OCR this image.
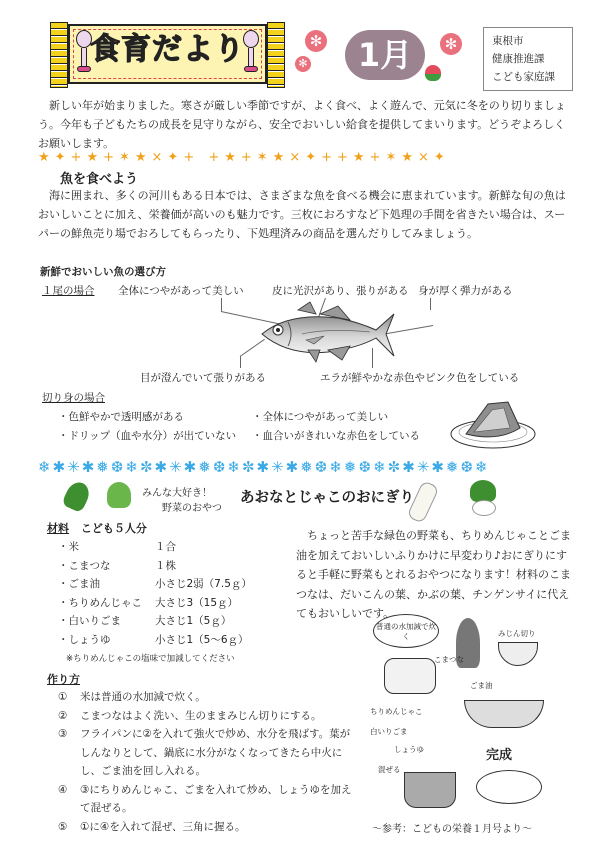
食育だより	✻
✻	1月	✻	東根市
健康推進課
こども家庭課
新しい年が始まりました。寒さが厳しい季節ですが、よく食べ、よく遊んで、元気に冬をのり切りましょう。今年も子どもたちの成長を見守りながら、安全でおいしい給食を提供してまいります。どうぞよろしくお願いします。
★✦+★+✶★×✦+ +★+✶★×✦++★+✶★×✦
魚を食べよう
海に囲まれ、多くの河川もある日本では、さまざまな魚を食べる機会に恵まれています。新鮮な旬の魚はおいしいことに加え、栄養価が高いのも魅力です。三枚におろすなど下処理の手間を省きたい場合は、スーパーの鮮魚売り場でおろしてもらったり、下処理済みの商品を選んだりしてみましょう。
新鮮でおいしい魚の選び方
１尾の場合 全体につやがあって美しい	皮に光沢があり、張りがある 身が厚く弾力がある
目が澄んでいて張りがある	エラが鮮やかな赤色やピンク色をしている
切り身の場合
・色鮮やかで透明感がある
・ドリップ（血や水分）が出ていない
・全体につやがあって美しい
・血合いがきれいな赤色をしている
❄✱✳✱❅❆❄✼✱✳✱❅❆❄✼✱✳✱❅❆❄❅❆❄✼✱✳✱❅❆❄
みんな大好き！
野菜のおやつ
あおなとじゃこのおにぎり
材料 こども５人分
・米	１合
・こまつな	１株
・ごま油	小さじ2弱（7.5ｇ）
・ちりめんじゃこ	大さじ3（15ｇ）
・白いりごま	大さじ1（5ｇ）
・しょうゆ	小さじ1（5～6ｇ）
※ちりめんじゃこの塩味で加減してください
ちょっと苦手な緑色の野菜も、ちりめんじゃことごま油を加えておいしいふりかけに早変わり♪おにぎりにすると手軽に野菜もとれるおやつになります！材料のこまつなは、だいこんの葉、かぶの葉、チンゲンサイに代えてもおいしいです。
作り方
①	米は普通の水加減で炊く。
②	こまつなはよく洗い、生のままみじん切りにする。
③	フライパンに②を入れて強火で炒め、水分を飛ばす。葉がしんなりとして、鍋底に水分がなくなってきたら中火にし、ごま油を回し入れる。
④	③にちりめんじゃこ、ごまを入れて炒め、しょうゆを加えて混ぜる。
⑤	①に④を入れて混ぜ、三角に握る。
普通の水加減で炊く
こまつな
みじん切り
ごま油
ちりめんじゃこ
白いりごま
しょうゆ
混ぜる
完成
～参考：こどもの栄養１月号より～
